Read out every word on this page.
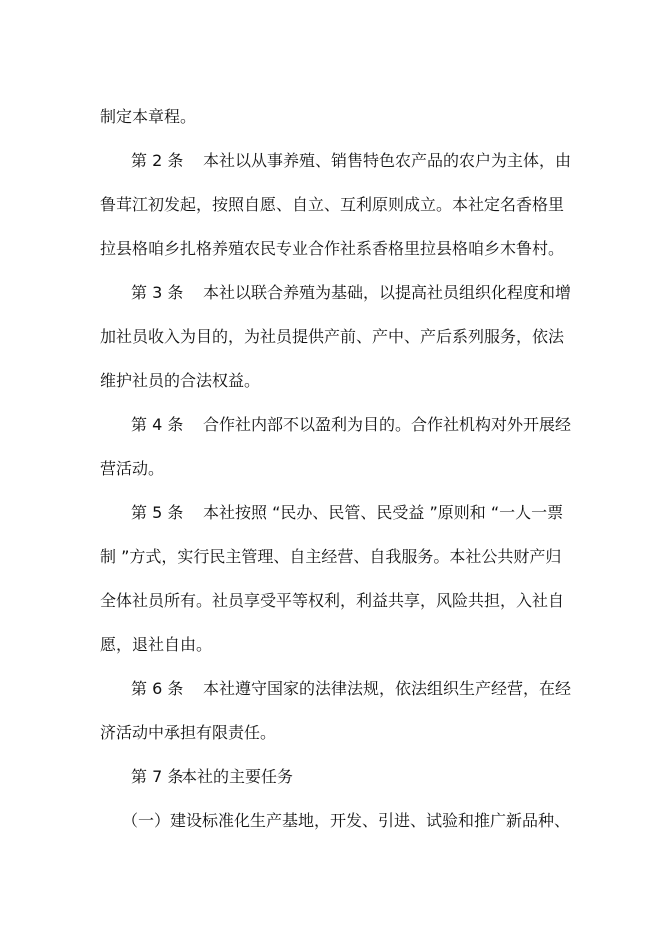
制定本章程。
第 2 条 本社以从事养殖、销售特色农产品的农户为主体，由
鲁茸江初发起，按照自愿、自立、互利原则成立。本社定名香格里
拉县格咱乡扎格养殖农民专业合作社系香格里拉县格咱乡木鲁村。
第 3 条 本社以联合养殖为基础，以提高社员组织化程度和增
加社员收入为目的，为社员提供产前、产中、产后系列服务，依法
维护社员的合法权益。
第 4 条 合作社内部不以盈利为目的。合作社机构对外开展经
营活动。
第 5 条 本社按照 “民办、民管、民受益 ”原则和 “一人一票
制 ”方式，实行民主管理、自主经营、自我服务。本社公共财产归
全体社员所有。社员享受平等权利，利益共享，风险共担，入社自
愿，退社自由。
第 6 条 本社遵守国家的法律法规，依法组织生产经营，在经
济活动中承担有限责任。
第 7 条本社的主要任务
（一）建设标准化生产基地，开发、引进、试验和推广新品种、
